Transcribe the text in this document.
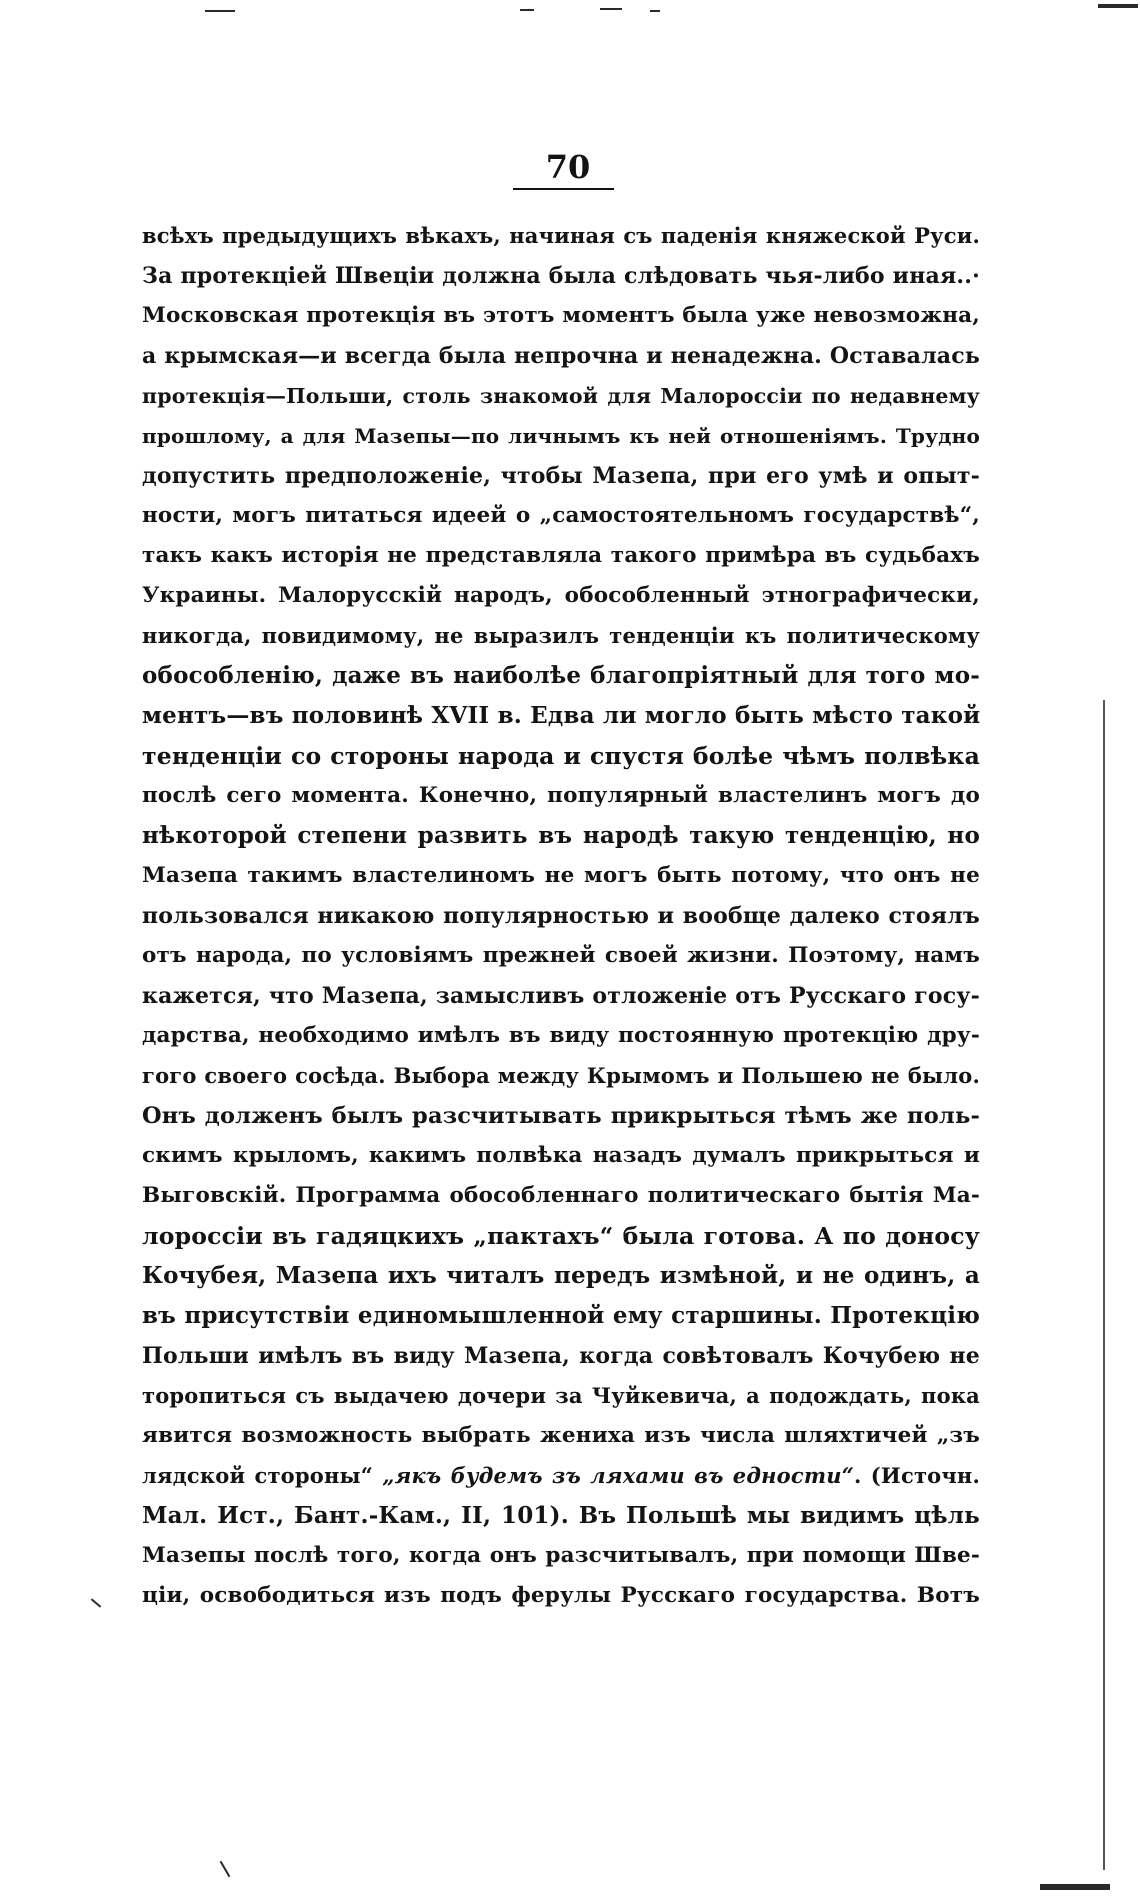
70
всѣхъ предыдущихъ вѣкахъ, начиная съ паденія княжеской Руси.
За протекціей Швеціи должна была слѣдовать чья-либо иная..·
Московская протекція въ этотъ моментъ была уже невозможна,
а крымская—и всегда была непрочна и ненадежна. Оставалась
протекція—Польши, столь знакомой для Малороссіи по недавнему
прошлому, а для Мазепы—по личнымъ къ ней отношеніямъ. Трудно
допустить предположеніе, чтобы Мазепа, при его умѣ и опыт-
ности, могъ питаться идеей о „самостоятельномъ государствѣ“,
такъ какъ исторія не представляла такого примѣра въ судьбахъ
Украины. Малорусскій народъ, обособленный этнографически,
никогда, повидимому, не выразилъ тенденціи къ политическому
обособленію, даже въ наиболѣе благопріятный для того мо-
ментъ—въ половинѣ XVII в. Едва ли могло быть мѣсто такой
тенденціи со стороны народа и спустя болѣе чѣмъ полвѣка
послѣ сего момента. Конечно, популярный властелинъ могъ до
нѣкоторой степени развить въ народѣ такую тенденцію, но
Мазепа такимъ властелиномъ не могъ быть потому, что онъ не
пользовался никакою популярностью и вообще далеко стоялъ
отъ народа, по условіямъ прежней своей жизни. Поэтому, намъ
кажется, что Мазепа, замысливъ отложеніе отъ Русскаго госу-
дарства, необходимо имѣлъ въ виду постоянную протекцію дру-
гого своего сосѣда. Выбора между Крымомъ и Польшею не было.
Онъ долженъ былъ разсчитывать прикрыться тѣмъ же поль-
скимъ крыломъ, какимъ полвѣка назадъ думалъ прикрыться и
Выговскій. Программа обособленнаго политическаго бытія Ма-
лороссіи въ гадяцкихъ „пактахъ“ была готова. А по доносу
Кочубея, Мазепа ихъ читалъ передъ измѣной, и не одинъ, а
въ присутствіи единомышленной ему старшины. Протекцію
Польши имѣлъ въ виду Мазепа, когда совѣтовалъ Кочубею не
торопиться съ выдачею дочери за Чуйкевича, а подождать, пока
явится возможность выбрать жениха изъ числа шляхтичей „зъ
лядской стороны“ „якъ будемъ зъ ляхами въ едности“. (Источн.
Мал. Ист., Бант.-Кам., II, 101). Въ Польшѣ мы видимъ цѣль
Мазепы послѣ того, когда онъ разсчитывалъ, при помощи Шве-
ціи, освободиться изъ подъ ферулы Русскаго государства. Вотъ
